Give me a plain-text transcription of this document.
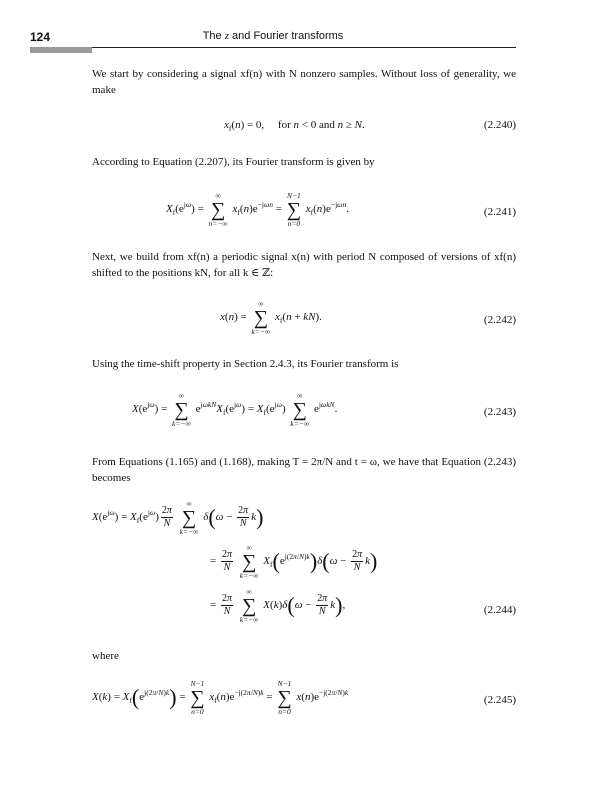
124	The z and Fourier transforms
We start by considering a signal xf(n) with N nonzero samples. Without loss of generality, we make
$x_f(n) = 0$,     for n < 0 and n ≥ N.	(2.240)
According to Equation (2.207), its Fourier transform is given by
$X_f(e^{j\omega})$ =
∞
∑
n=−∞
$x_f(n)e^{-j\omega n}$ =
N−1
∑
n=0
$x_f(n)e^{-j\omega n}$.	(2.241)
Next, we build from xf(n) a periodic signal x(n) with period N composed of versions of xf(n) shifted to the positions kN, for all k ∈ ℤ:
x(n) =
∞
∑
k=−∞
$x_f(n + kN)$.	(2.242)
Using the time-shift property in Section 2.4.3, its Fourier transform is
$X(e^{j\omega})$ =
∞
∑
k=−∞
$e^{j\omega kN}X_f(e^{j\omega}) = X_f(e^{j\omega})$
∞
∑
k=−∞
$e^{j\omega kN}$.	(2.243)
From Equations (1.165) and (1.168), making T = 2π/N and t = ω, we have that Equation (2.243) becomes
$X(e^{j\omega}) = X_f(e^{j\omega}) \frac{2\pi}{N}$

∞
∑
k=−∞
$\delta(\omega - \frac{2\pi}{N} k)$
= $\frac{2\pi}{N}$

∞
∑
k=−∞
$X_f(e^{j(2\pi/N)k})\delta(\omega - \frac{2\pi}{N} k)$
= $\frac{2\pi}{N}$

∞
∑
k=−∞
$X(k)\delta(\omega - \frac{2\pi}{N} k)$,	(2.244)
where
$X(k) = X_f(e^{j(2\pi/N)k})$ =
N−1
∑
n=0
$x_f(n)e^{-j(2\pi/N)k}$ =
N−1
∑
n=0
$x(n)e^{-j(2\pi/N)k}$
(2.245)
